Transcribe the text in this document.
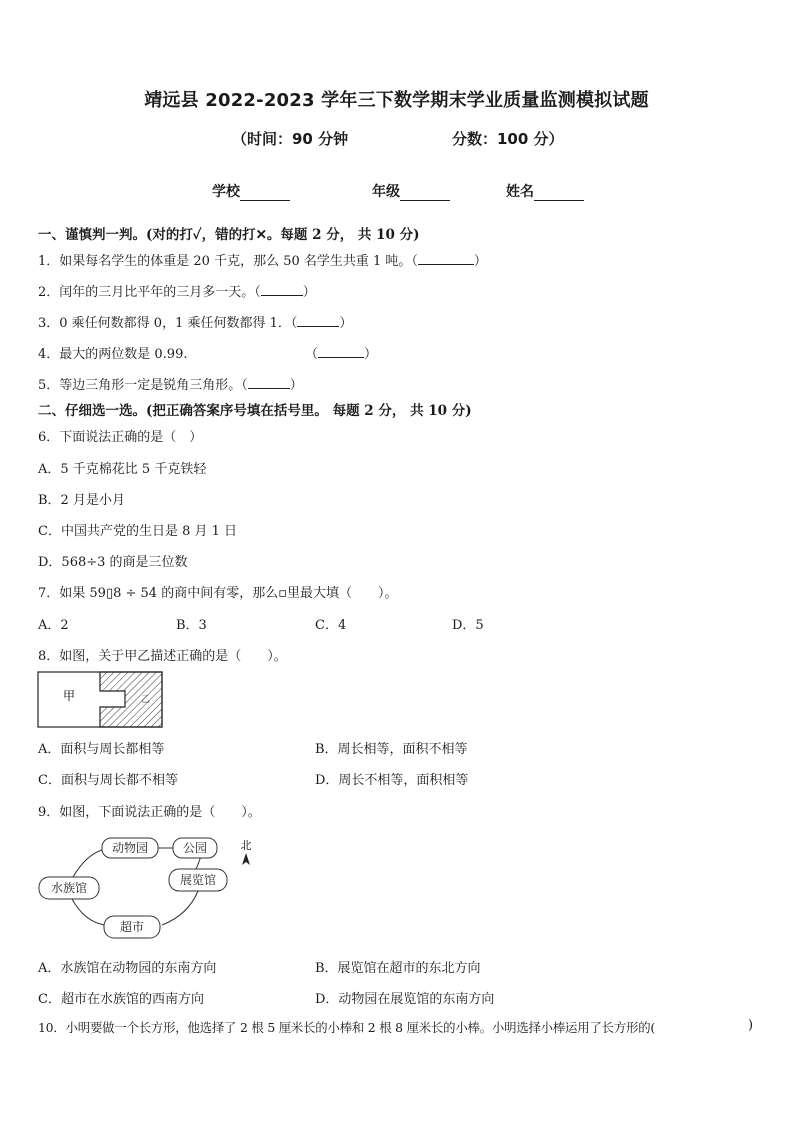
靖远县 2022-2023 学年三下数学期末学业质量监测模拟试题
（时间：90 分钟	分数：100 分）
学校	年级	姓名
一、谨慎判一判。(对的打✓，错的打✕。每题 2 分， 共 10 分)
1．如果每名学生的体重是 20 千克，那么 50 名学生共重 1 吨。（	）
2．闰年的三月比平年的三月多一天。（	）
3．0 乘任何数都得 0，1 乘任何数都得 1．（	）
4．最大的两位数是 0.99.	（	）
5．等边三角形一定是锐角三角形。（	）
二、仔细选一选。(把正确答案序号填在括号里。 每题 2 分， 共 10 分)
6．下面说法正确的是（　）
A．5 千克棉花比 5 千克铁轻
B．2 月是小月
C．中国共产党的生日是 8 月 1 日
D．568÷3 的商是三位数
7．如果 59▯8 ÷ 54 的商中间有零，那么▫里最大填（　　）。
A．2	B．3	C．4	D．5
8．如图，关于甲乙描述正确的是（　　）。
甲	乙
A．面积与周长都相等	B．周长相等，面积不相等
C．面积与周长都不相等	D．周长不相等，面积相等
9．如图，下面说法正确的是（　　）。
动物园	公园
水族馆
展览馆
超市
北
A．水族馆在动物园的东南方向	B．展览馆在超市的东北方向
C．超市在水族馆的西南方向	D．动物园在展览馆的东南方向
10．小明要做一个长方形，他选择了 2 根 5 厘米长的小棒和 2 根 8 厘米长的小棒。小明选择小棒运用了长方形的(	)
